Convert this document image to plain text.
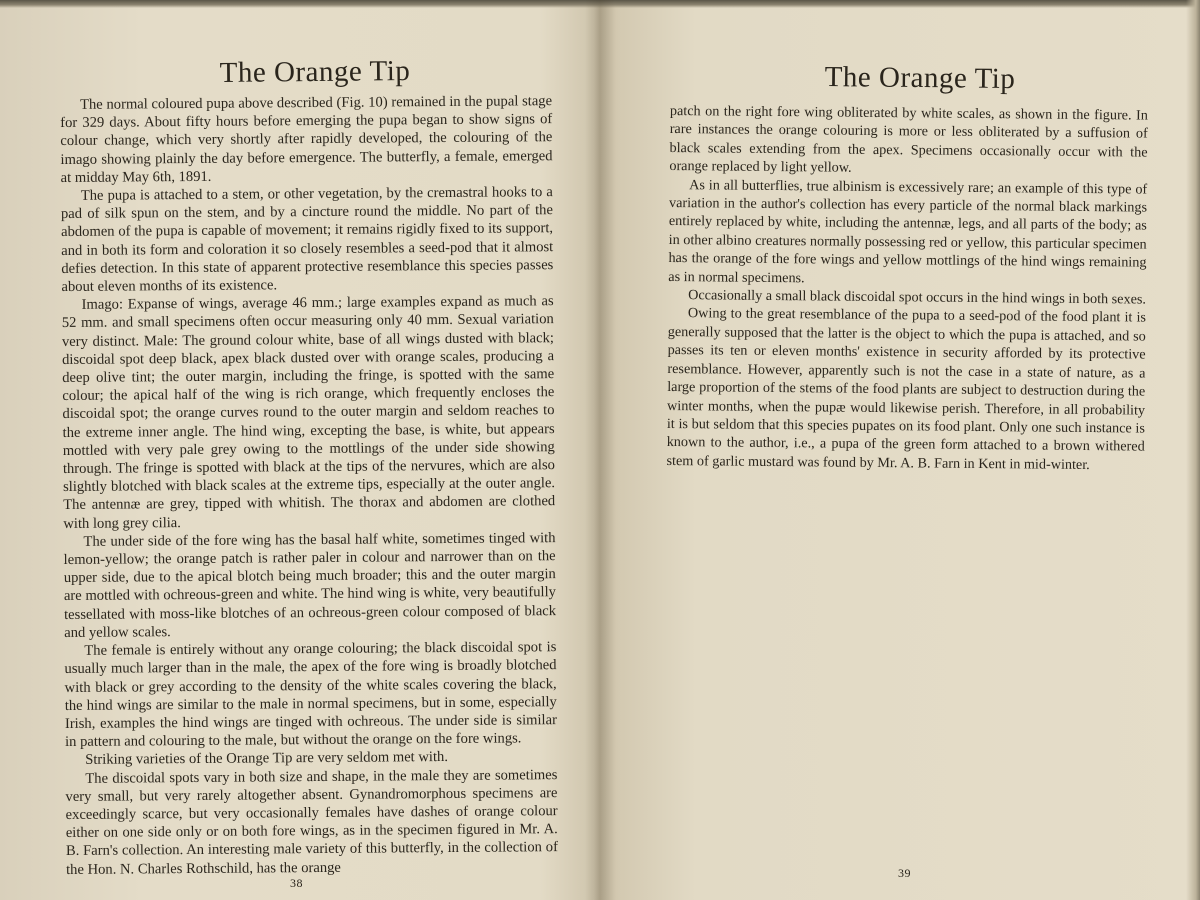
The Orange Tip

The normal coloured pupa above described (Fig. 10) remained in the pupal stage for 329 days. About fifty hours before emerging the pupa began to show signs of colour change, which very shortly after rapidly developed, the colouring of the imago showing plainly the day before emergence. The butterfly, a female, emerged at midday May 6th, 1891.

The pupa is attached to a stem, or other vegetation, by the cremastral hooks to a pad of silk spun on the stem, and by a cincture round the middle. No part of the abdomen of the pupa is capable of movement; it remains rigidly fixed to its support, and in both its form and coloration it so closely resembles a seed-pod that it almost defies detection. In this state of apparent protective resemblance this species passes about eleven months of its existence.

Imago: Expanse of wings, average 46 mm.; large examples expand as much as 52 mm. and small specimens often occur measuring only 40 mm. Sexual variation very distinct. Male: The ground colour white, base of all wings dusted with black; discoidal spot deep black, apex black dusted over with orange scales, producing a deep olive tint; the outer margin, including the fringe, is spotted with the same colour; the apical half of the wing is rich orange, which frequently encloses the discoidal spot; the orange curves round to the outer margin and seldom reaches to the extreme inner angle. The hind wing, excepting the base, is white, but appears mottled with very pale grey owing to the mottlings of the under side showing through. The fringe is spotted with black at the tips of the nervures, which are also slightly blotched with black scales at the extreme tips, especially at the outer angle. The antennæ are grey, tipped with whitish. The thorax and abdomen are clothed with long grey cilia.

The under side of the fore wing has the basal half white, sometimes tinged with lemon-yellow; the orange patch is rather paler in colour and narrower than on the upper side, due to the apical blotch being much broader; this and the outer margin are mottled with ochreous-green and white. The hind wing is white, very beautifully tessellated with moss-like blotches of an ochreous-green colour composed of black and yellow scales.

The female is entirely without any orange colouring; the black discoidal spot is usually much larger than in the male, the apex of the fore wing is broadly blotched with black or grey according to the density of the white scales covering the black, the hind wings are similar to the male in normal specimens, but in some, especially Irish, examples the hind wings are tinged with ochreous. The under side is similar in pattern and colouring to the male, but without the orange on the fore wings.

Striking varieties of the Orange Tip are very seldom met with.

The discoidal spots vary in both size and shape, in the male they are sometimes very small, but very rarely altogether absent. Gynandromorphous specimens are exceedingly scarce, but very occasionally females have dashes of orange colour either on one side only or on both fore wings, as in the specimen figured in Mr. A. B. Farn's collection. An interesting male variety of this butterfly, in the collection of the Hon. N. Charles Rothschild, has the orange

38
The Orange Tip

patch on the right fore wing obliterated by white scales, as shown in the figure. In rare instances the orange colouring is more or less obliterated by a suffusion of black scales extending from the apex. Specimens occasionally occur with the orange replaced by light yellow.

As in all butterflies, true albinism is excessively rare; an example of this type of variation in the author's collection has every particle of the normal black markings entirely replaced by white, including the antennæ, legs, and all parts of the body; as in other albino creatures normally possessing red or yellow, this particular specimen has the orange of the fore wings and yellow mottlings of the hind wings remaining as in normal specimens.

Occasionally a small black discoidal spot occurs in the hind wings in both sexes.

Owing to the great resemblance of the pupa to a seed-pod of the food plant it is generally supposed that the latter is the object to which the pupa is attached, and so passes its ten or eleven months' existence in security afforded by its protective resemblance. However, apparently such is not the case in a state of nature, as a large proportion of the stems of the food plants are subject to destruction during the winter months, when the pupæ would likewise perish. Therefore, in all probability it is but seldom that this species pupates on its food plant. Only one such instance is known to the author, i.e., a pupa of the green form attached to a brown withered stem of garlic mustard was found by Mr. A. B. Farn in Kent in mid-winter.

39
